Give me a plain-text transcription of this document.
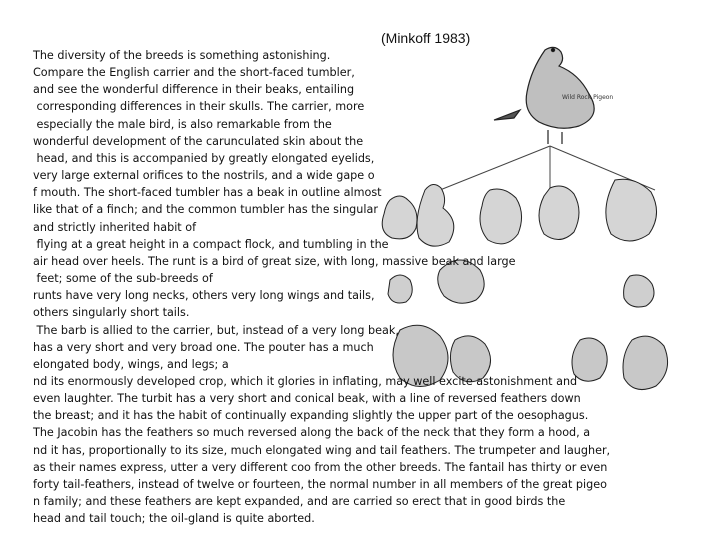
Wild Rock Pigeon
(Minkoff 1983)
The diversity of the breeds is something astonishing.
Compare the English carrier and the short-faced tumbler,
and see the wonderful difference in their beaks, entailing
corresponding differences in their skulls. The carrier, more
especially the male bird, is also remarkable from the
wonderful development of the carunculated skin about the
head, and this is accompanied by greatly elongated eyelids,
very large external orifices to the nostrils, and a wide gape o
f mouth. The short-faced tumbler has a beak in outline almost
like that of a finch; and the common tumbler has the singular
and strictly inherited habit of
flying at a great height in a compact flock, and tumbling in the
air head over heels. The runt is a bird of great size, with long, massive beak and large
feet; some of the sub-breeds of
runts have very long necks, others very long wings and tails,
others singularly short tails.
The barb is allied to the carrier, but, instead of a very long beak,
has a very short and very broad one. The pouter has a much
elongated body, wings, and legs; a
nd its enormously developed crop, which it glories in inflating, may well excite astonishment and
even laughter. The turbit has a very short and conical beak, with a line of reversed feathers down
the breast; and it has the habit of continually expanding slightly the upper part of the oesophagus.
The Jacobin has the feathers so much reversed along the back of the neck that they form a hood, a
nd it has, proportionally to its size, much elongated wing and tail feathers. The trumpeter and laugher,
as their names express, utter a very different coo from the other breeds. The fantail has thirty or even
forty tail-feathers, instead of twelve or fourteen, the normal number in all members of the great pigeo
n family; and these feathers are kept expanded, and are carried so erect that in good birds the
head and tail touch; the oil-gland is quite aborted.
